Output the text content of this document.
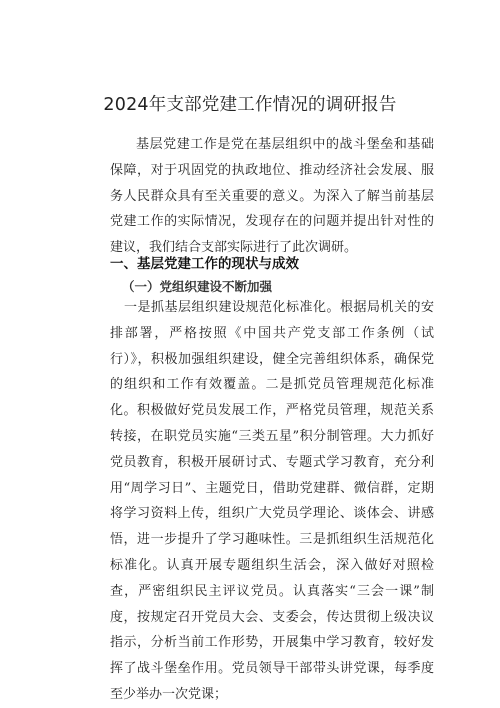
2024年支部党建工作情况的调研报告

基层党建工作是党在基层组织中的战斗堡垒和基础保障，对于巩固党的执政地位、推动经济社会发展、服务人民群众具有至关重要的意义。为深入了解当前基层党建工作的实际情况，发现存在的问题并提出针对性的建议，我们结合支部实际进行了此次调研。

一、基层党建工作的现状与成效
（一）党组织建设不断加强

一是抓基层组织建设规范化标准化。根据局机关的安排部署，严格按照《中国共产党支部工作条例（试行）》，积极加强组织建设，健全完善组织体系，确保党的组织和工作有效覆盖。二是抓党员管理规范化标准化。积极做好党员发展工作，严格党员管理，规范关系转接，在职党员实施“三类五星”积分制管理。大力抓好党员教育，积极开展研讨式、专题式学习教育，充分利用“周学习日”、主题党日，借助党建群、微信群，定期将学习资料上传，组织广大党员学理论、谈体会、讲感悟，进一步提升了学习趣味性。三是抓组织生活规范化标准化。认真开展专题组织生活会，深入做好对照检查，严密组织民主评议党员。认真落实“三会一课”制度，按规定召开党员大会、支委会，传达贯彻上级决议指示，分析当前工作形势，开展集中学习教育，较好发挥了战斗堡垒作用。党员领导干部带头讲党课，每季度至少举办一次党课；
